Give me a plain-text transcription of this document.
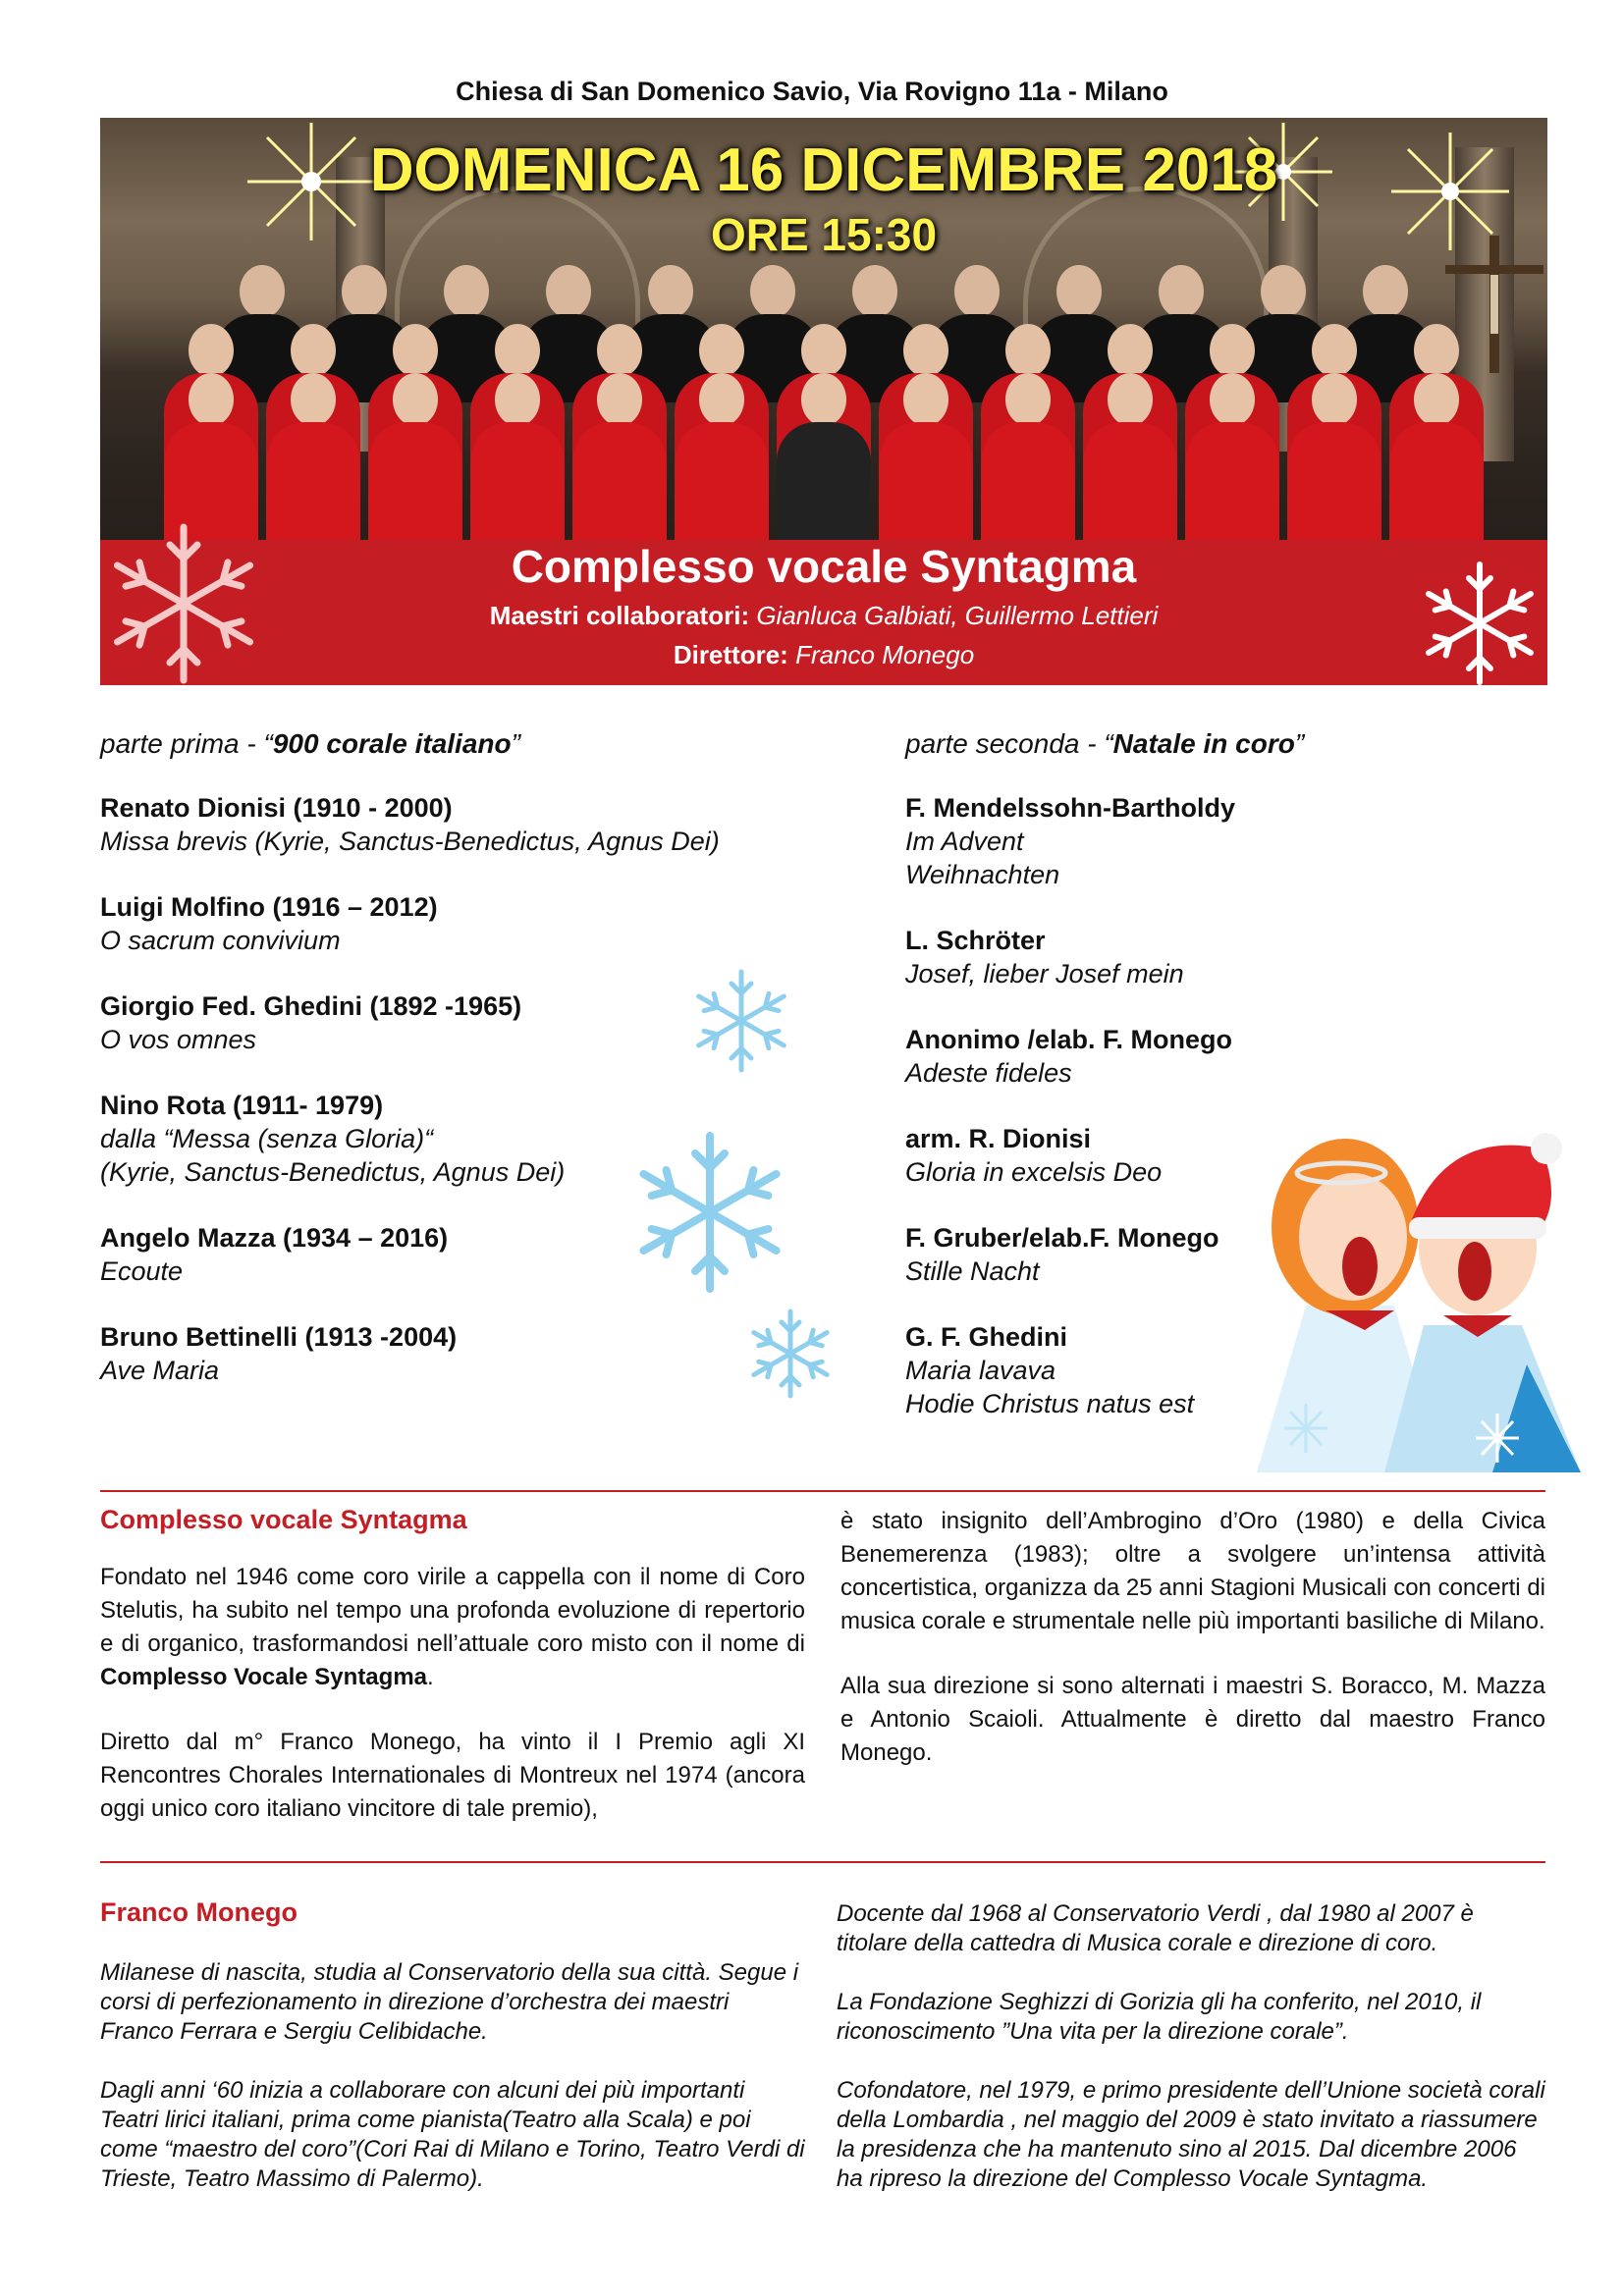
Chiesa di San Domenico Savio, Via Rovigno 11a - Milano
DOMENICA 16 DICEMBRE 2018
ORE 15:30
Complesso vocale Syntagma
Maestri collaboratori: Gianluca Galbiati, Guillermo Lettieri
Direttore: Franco Monego
parte prima - “900 corale italiano”
Renato Dionisi (1910 - 2000)
Missa brevis (Kyrie, Sanctus-Benedictus, Agnus Dei)
Luigi Molfino (1916 – 2012)
O sacrum convivium
Giorgio Fed. Ghedini (1892 -1965)
O vos omnes
Nino Rota (1911- 1979)
dalla “Messa (senza Gloria)“
(Kyrie, Sanctus-Benedictus, Agnus Dei)
Angelo Mazza (1934 – 2016)
Ecoute
Bruno Bettinelli (1913 -2004)
Ave Maria
parte seconda - “Natale in coro”
F. Mendelssohn-Bartholdy
Im Advent
Weihnachten
L. Schröter
Josef, lieber Josef mein
Anonimo /elab. F. Monego
Adeste fideles
arm. R. Dionisi
Gloria in excelsis Deo
F. Gruber/elab.F. Monego
Stille Nacht
G. F. Ghedini
Maria lavava
Hodie Christus natus est
Complesso vocale Syntagma

Fondato nel 1946 come coro virile a cappella con il nome di Coro Stelutis, ha subito nel tempo una profonda evoluzione di repertorio e di organico, trasformandosi nell’attuale coro misto con il nome di Complesso Vocale Syntagma.

Diretto dal m° Franco Monego, ha vinto il I Premio agli XI Rencontres Chorales Internationales di Montreux nel 1974 (ancora oggi unico coro italiano vincitore di tale premio),

è stato insignito dell’Ambrogino d’Oro (1980) e della Civica Benemerenza (1983); oltre a svolgere un’intensa attività concertistica, organizza da 25 anni Stagioni Musicali con concerti di musica corale e strumentale nelle più importanti basiliche di Milano.

Alla sua direzione si sono alternati i maestri S. Boracco, M. Mazza e Antonio Scaioli. Attualmente è diretto dal maestro Franco Monego.

Franco Monego

Milanese di nascita, studia al Conservatorio della sua città. Segue i corsi di perfezionamento in direzione d’orchestra dei maestri Franco Ferrara e Sergiu Celibidache.

Dagli anni ‘60 inizia a collaborare con alcuni dei più importanti Teatri lirici italiani, prima come pianista(Teatro alla Scala) e poi come “maestro del coro”(Cori Rai di Milano e Torino, Teatro Verdi di Trieste, Teatro Massimo di Palermo).

Docente dal 1968 al Conservatorio Verdi , dal 1980 al 2007 è titolare della cattedra di Musica corale e direzione di coro.

La Fondazione Seghizzi di Gorizia gli ha conferito, nel 2010, il riconoscimento ”Una vita per la direzione corale”.

Cofondatore, nel 1979, e primo presidente dell’Unione società corali della Lombardia , nel maggio del 2009 è stato invitato a riassumere la presidenza che ha mantenuto sino al 2015. Dal dicembre 2006 ha ripreso la direzione del Complesso Vocale Syntagma.
